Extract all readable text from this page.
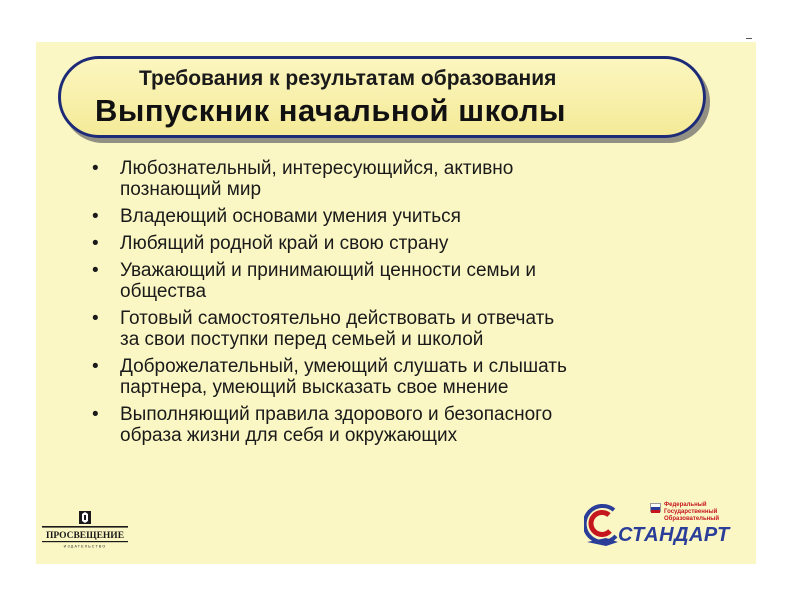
Требования к результатам образования
Выпускник начальной школы
• Любознательный, интересующийся, активно
познающий мир
• Владеющий основами умения учиться
• Любящий родной край и свою страну
• Уважающий и принимающий ценности семьи и
общества
• Готовый самостоятельно действовать и отвечать
за свои поступки перед семьей и школой
• Доброжелательный, умеющий слушать и слышать
партнера, умеющий высказать свое мнение
• Выполняющий правила здорового и безопасного
образа жизни для себя и окружающих
ПРОСВЕЩЕНИЕ
ИЗДАТЕЛЬСТВО
Федеральный
Государственный
Образовательный
СТАНДАРТ
